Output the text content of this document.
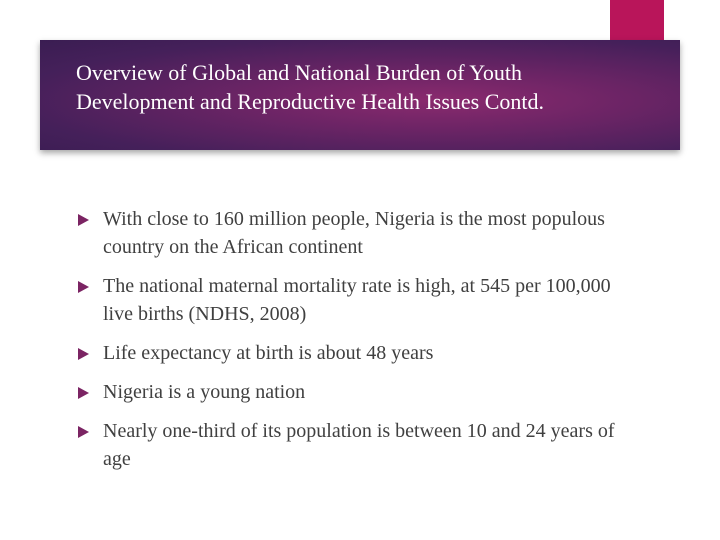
Overview of Global and National Burden of Youth Development and Reproductive Health Issues Contd.
With close to 160 million people, Nigeria is the most populous country on the African continent
The national maternal mortality rate is high, at 545 per 100,000 live births (NDHS, 2008)
Life expectancy at birth is about 48 years
Nigeria is a young nation
Nearly one-third of its population is between 10 and 24 years of age
